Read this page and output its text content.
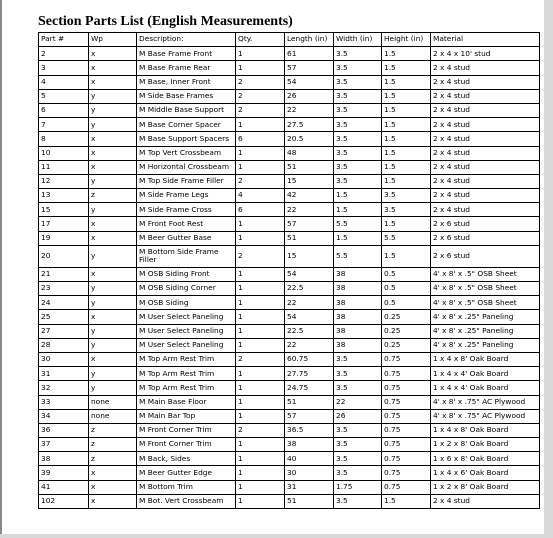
Section Parts List (English Measurements)
Part #	Wp	Description:	Qty.	Length (in)	Width (in)	Height (in)	Material
2	x	M Base Frame Front	1	61	3.5	1.5	2 x 4 x 10' stud
3	x	M Base Frame Rear	1	57	3.5	1.5	2 x 4 stud
4	x	M Base, Inner Front	2	54	3.5	1.5	2 x 4 stud
5	y	M Side Base Frames	2	26	3.5	1.5	2 x 4 stud
6	y	M Middle Base Support	2	22	3.5	1.5	2 x 4 stud
7	y	M Base Corner Spacer	1	27.5	3.5	1.5	2 x 4 stud
8	x	M Base Support Spacers	6	20.5	3.5	1.5	2 x 4 stud
10	x	M Top Vert Crossbeam	1	48	3.5	1.5	2 x 4 stud
11	x	M Horizontal Crossbeam	1	51	3.5	1.5	2 x 4 stud
12	y	M Top Side Frame Filler	2	15	3.5	1.5	2 x 4 stud
13	z	M Side Frame Legs	4	42	1.5	3.5	2 x 4 stud
15	y	M Side Frame Cross	6	22	1.5	3.5	2 x 4 stud
17	x	M Front Foot Rest	1	57	5.5	1.5	2 x 6 stud
19	x	M Beer Gutter Base	1	51	1.5	5.5	2 x 6 stud
20	y	M Bottom Side Frame Filler	2	15	5.5	1.5	2 x 6 stud
21	x	M OSB Siding Front	1	54	38	0.5	4' x 8' x .5" OSB Sheet
23	y	M OSB Siding Corner	1	22.5	38	0.5	4' x 8' x .5" OSB Sheet
24	y	M OSB Siding	1	22	38	0.5	4' x 8' x .5" OSB Sheet
25	x	M User Select Paneling	1	54	38	0.25	4' x 8' x .25" Paneling
27	y	M User Select Paneling	1	22.5	38	0.25	4' x 8' x .25" Paneling
28	y	M User Select Paneling	1	22	38	0.25	4' x 8' x .25" Paneling
30	x	M Top Arm Rest Trim	2	60.75	3.5	0.75	1 x 4 x 8' Oak Board
31	y	M Top Arm Rest Trim	1	27.75	3.5	0.75	1 x 4 x 4' Oak Board
32	y	M Top Arm Rest Trim	1	24.75	3.5	0.75	1 x 4 x 4' Oak Board
33	none	M Main Base Floor	1	51	22	0.75	4' x 8' x .75" AC Plywood
34	none	M Main Bar Top	1	57	26	0.75	4' x 8' x .75" AC Plywood
36	z	M Front Corner Trim	2	36.5	3.5	0.75	1 x 4 x 8' Oak Board
37	z	M Front Corner Trim	1	38	3.5	0.75	1 x 2 x 8' Oak Board
38	z	M Back, Sides	1	40	3.5	0.75	1 x 6 x 8' Oak Board
39	x	M Beer Gutter Edge	1	30	3.5	0.75	1 x 4 x 6' Oak Board
41	x	M Bottom Trim	1	31	1.75	0.75	1 x 2 x 8' Oak Board
102	x	M Bot. Vert Crossbeam	1	51	3.5	1.5	2 x 4 stud
